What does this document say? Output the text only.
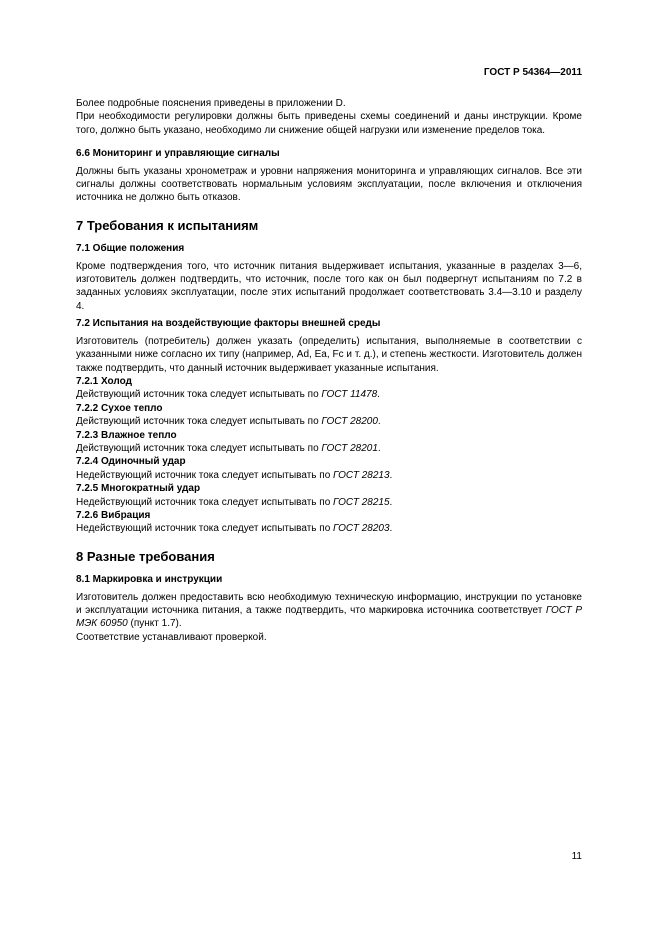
ГОСТ Р 54364—2011

Более подробные пояснения приведены в приложении D.

При необходимости регулировки должны быть приведены схемы соединений и даны инструкции. Кроме того, должно быть указано, необходимо ли снижение общей нагрузки или изменение пределов тока.

6.6 Мониторинг и управляющие сигналы

Должны быть указаны хронометраж и уровни напряжения мониторинга и управляющих сигналов. Все эти сигналы должны соответствовать нормальным условиям эксплуатации, после включения и отключения источника не должно быть отказов.

7 Требования к испытаниям
7.1 Общие положения

Кроме подтверждения того, что источник питания выдерживает испытания, указанные в разделах 3—6, изготовитель должен подтвердить, что источник, после того как он был подвергнут испытаниям по 7.2 в заданных условиях эксплуатации, после этих испытаний продолжает соответствовать 3.4—3.10 и разделу 4.

7.2 Испытания на воздействующие факторы внешней среды

Изготовитель (потребитель) должен указать (определить) испытания, выполняемые в соответствии с указанными ниже согласно их типу (например, Ad, Ea, Fc и т. д.), и степень жесткости. Изготовитель должен также подтвердить, что данный источник выдерживает указанные испытания.

7.2.1 Холод

Действующий источник тока следует испытывать по ГОСТ 11478.

7.2.2 Сухое тепло

Действующий источник тока следует испытывать по ГОСТ 28200.

7.2.3 Влажное тепло

Действующий источник тока следует испытывать по ГОСТ 28201.

7.2.4 Одиночный удар

Недействующий источник тока следует испытывать по ГОСТ 28213.

7.2.5 Многократный удар

Недействующий источник тока следует испытывать по ГОСТ 28215.

7.2.6 Вибрация

Недействующий источник тока следует испытывать по ГОСТ 28203.

8 Разные требования
8.1 Маркировка и инструкции

Изготовитель должен предоставить всю необходимую техническую информацию, инструкции по установке и эксплуатации источника питания, а также подтвердить, что маркировка источника соответствует ГОСТ Р МЭК 60950 (пункт 1.7).

Соответствие устанавливают проверкой.

11
